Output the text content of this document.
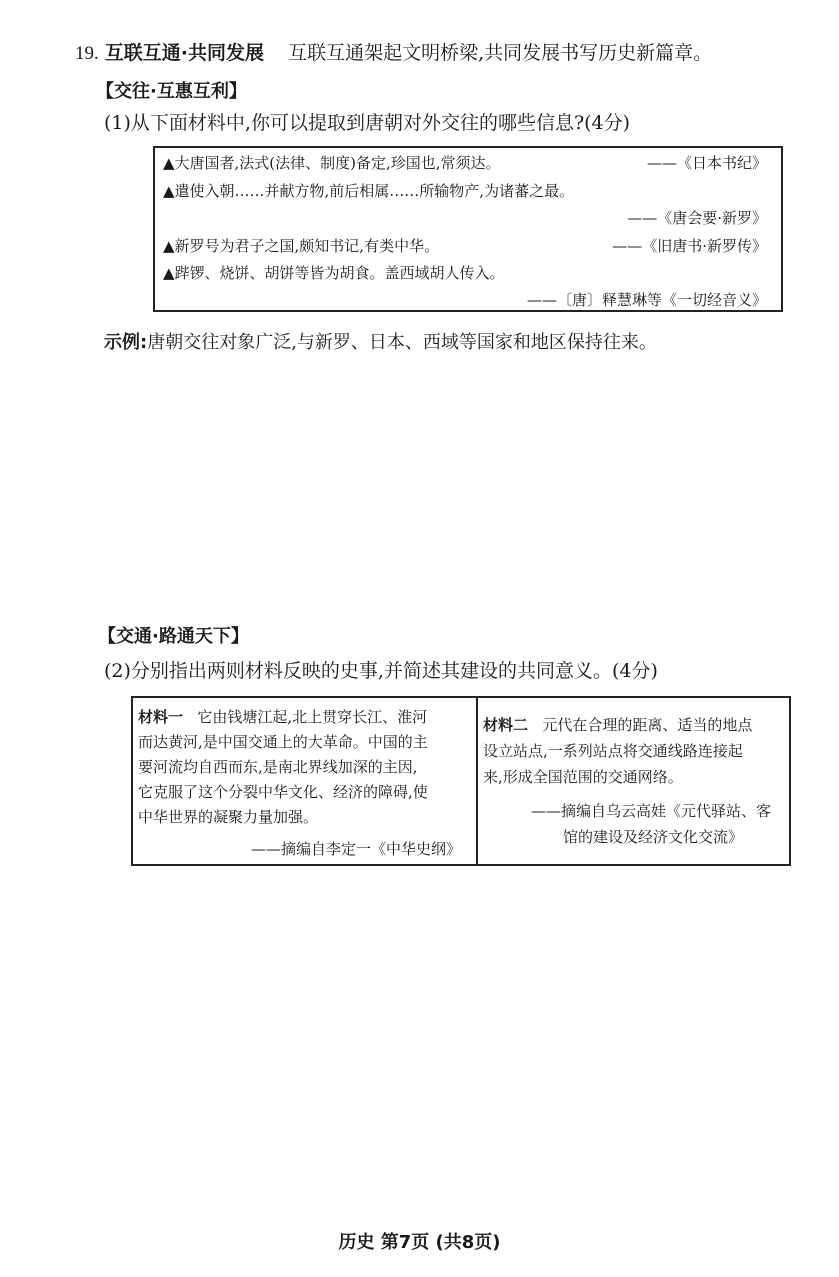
19. 互联互通·共同发展 互联互通架起文明桥梁,共同发展书写历史新篇章。
【交往·互惠互利】
(1)从下面材料中,你可以提取到唐朝对外交往的哪些信息?(4分)
▲大唐国者,法式(法律、制度)备定,珍国也,常须达。	——《日本书纪》
▲遣使入朝……并献方物,前后相属……所输物产,为诸蕃之最。
——《唐会要·新罗》
▲新罗号为君子之国,颇知书记,有类中华。	——《旧唐书·新罗传》
▲跸锣、烧饼、胡饼等皆为胡食。盖西域胡人传入。
——〔唐〕释慧琳等《一切经音义》
示例:唐朝交往对象广泛,与新罗、日本、西域等国家和地区保持往来。
【交通·路通天下】
(2)分别指出两则材料反映的史事,并简述其建设的共同意义。(4分)
材料一 它由钱塘江起,北上贯穿长江、淮河
而达黄河,是中国交通上的大革命。中国的主
要河流均自西而东,是南北界线加深的主因,
它克服了这个分裂中华文化、经济的障碍,使
中华世界的凝聚力量加强。
——摘编自李定一《中华史纲》
材料二 元代在合理的距离、适当的地点
设立站点,一系列站点将交通线路连接起
来,形成全国范围的交通网络。
——摘编自乌云高娃《元代驿站、客
馆的建设及经济文化交流》
历史 第7页 (共8页)
